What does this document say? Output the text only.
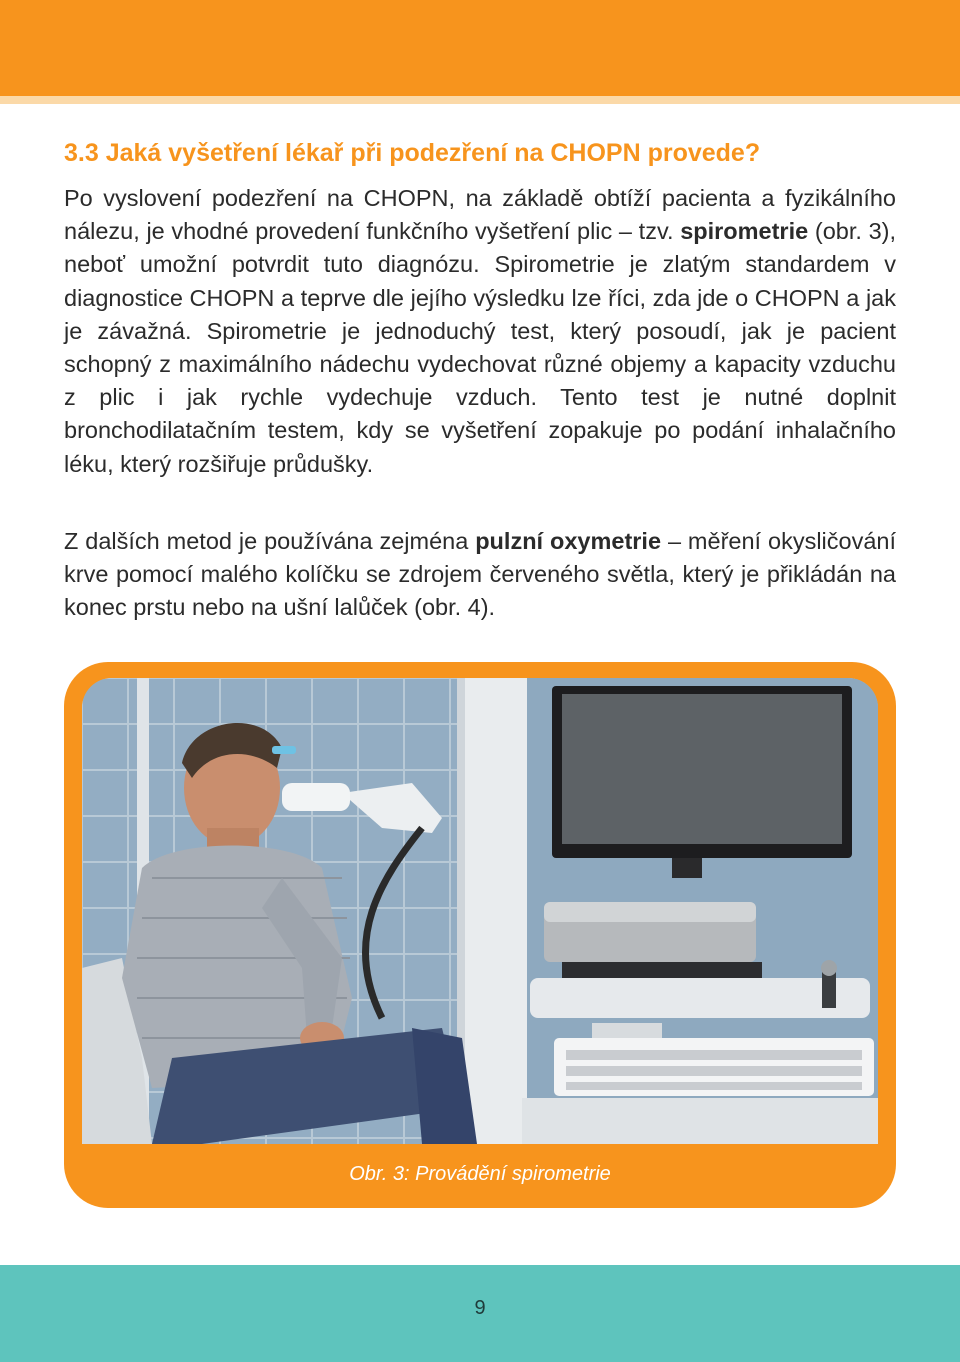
3.3 Jaká vyšetření lékař při podezření na CHOPN provede?

Po vyslovení podezření na CHOPN, na základě obtíží pacienta a fyzikálního nálezu, je vhodné provedení funkčního vyšetření plic – tzv. spirometrie (obr. 3), neboť umožní potvrdit tuto diagnózu. Spirometrie je zlatým standardem v diagnostice CHOPN a teprve dle jejího výsledku lze říci, zda jde o CHOPN a jak je závažná. Spirometrie je jednoduchý test, který posoudí, jak je pacient schopný z maximálního nádechu vydechovat různé objemy a kapacity vzduchu z plic i jak rychle vydechuje vzduch. Tento test je nutné doplnit bronchodilatačním testem, kdy se vyšetření zopakuje po podání inhalačního léku, který rozšiřuje průdušky.

Z dalších metod je používána zejména pulzní oxymetrie – měření okysličování krve pomocí malého kolíčku se zdrojem červeného světla, který je přikládán na konec prstu nebo na ušní lalůček (obr. 4).

Obr. 3: Provádění spirometrie

9
